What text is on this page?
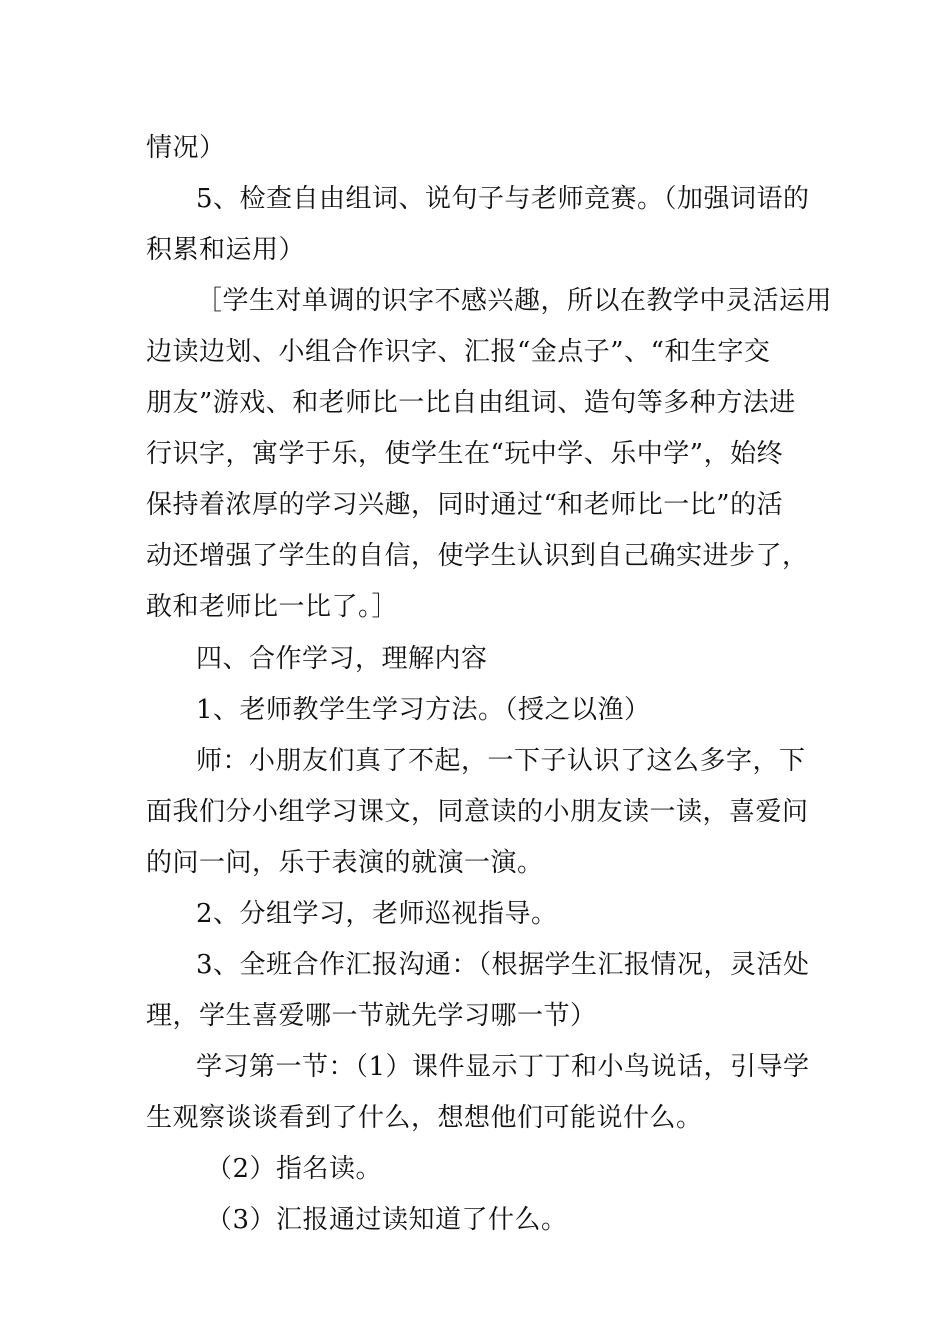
情况）
5、检查自由组词、说句子与老师竞赛。（加强词语的
积累和运用）
［学生对单调的识字不感兴趣，所以在教学中灵活运用
边读边划、小组合作识字、汇报“金点子”、“和生字交
朋友”游戏、和老师比一比自由组词、造句等多种方法进
行识字，寓学于乐，使学生在“玩中学、乐中学”，始终
保持着浓厚的学习兴趣，同时通过“和老师比一比”的活
动还增强了学生的自信，使学生认识到自己确实进步了，
敢和老师比一比了。］
四、合作学习，理解内容
1、老师教学生学习方法。（授之以渔）
师：小朋友们真了不起，一下子认识了这么多字，下
面我们分小组学习课文，同意读的小朋友读一读，喜爱问
的问一问，乐于表演的就演一演。
2、分组学习，老师巡视指导。
3、全班合作汇报沟通：（根据学生汇报情况，灵活处
理，学生喜爱哪一节就先学习哪一节）
学习第一节：（1）课件显示丁丁和小鸟说话，引导学
生观察谈谈看到了什么，想想他们可能说什么。
（2）指名读。
（3）汇报通过读知道了什么。
